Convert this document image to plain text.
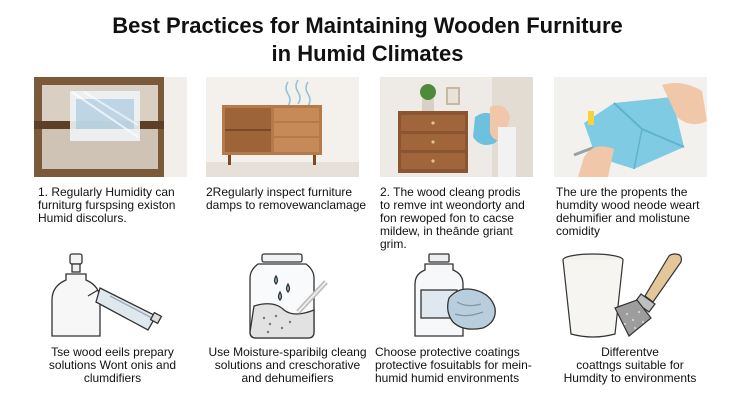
Best Practices for Maintaining Wooden Furniture
in Humid Climates
1. Regularly Humidity can
furniturg furspsing existon
Humid discolurs.
2Regularly inspect furniture
damps to removewanclamage
2. The wood cleang prodis
to remve int weondorty and
fon rewoped fon to cacse
mildew, in theānde griant
grim.
The ure the propents the
humdity wood neode weart
dehumifier and molistune
comidity
Tse wood eeils prepary
solutions Wont onis and
clumdifiers
Use Moisture-sparibilg cleang
solutions and creschorative
and dehumeifiers
Choose protective coatings
protective fosuitabls for mein-
humid humid environments
Differentve
coattngs suitable for
Humdity to environments
